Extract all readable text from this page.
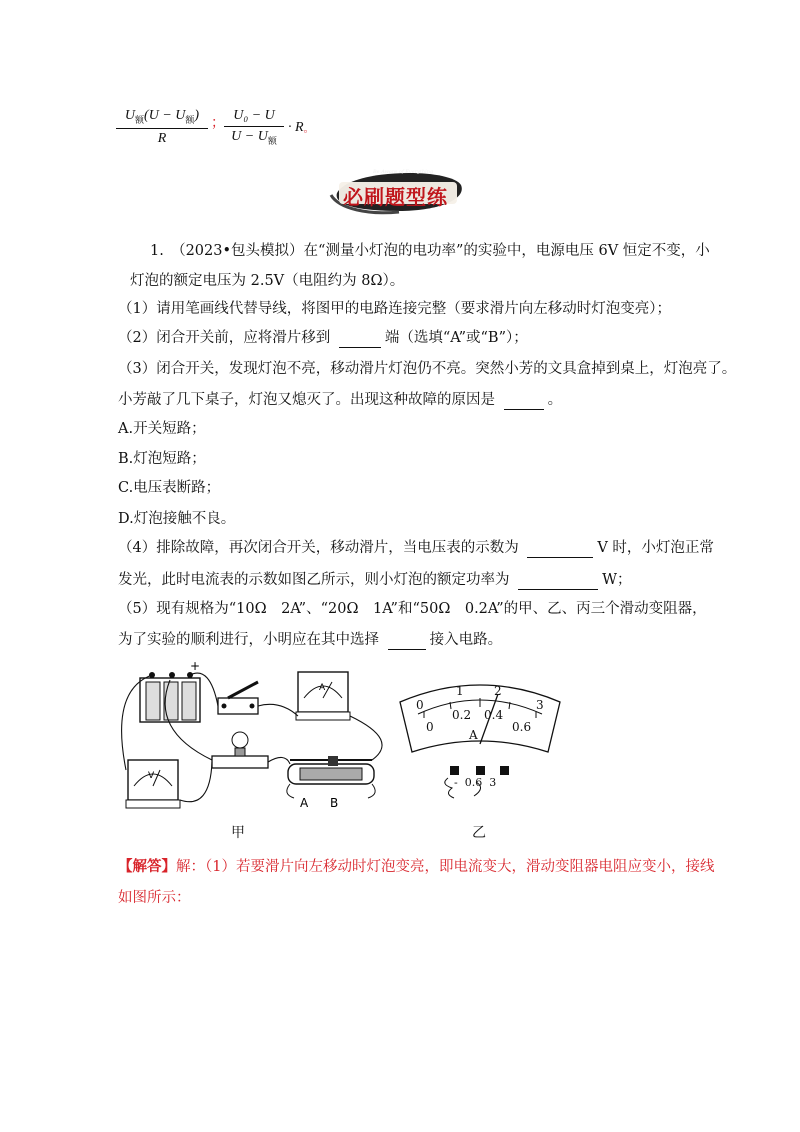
$U_额(U - U_额)$
R
； U₀ − U
$U - U_额$
· R。
Be Aware of Everything
必刷题型练
1.　（2023•包头模拟）在“测量小灯泡的电功率”的实验中，电源电压 6V 恒定不变，小
灯泡的额定电压为 2.5V（电阻约为 8Ω）。
（1）请用笔画线代替导线，将图甲的电路连接完整（要求滑片向左移动时灯泡变亮）；
（2）闭合开关前，应将滑片移到	端（选填“A”或“B”）；
（3）闭合开关，发现灯泡不亮，移动滑片灯泡仍不亮。突然小芳的文具盒掉到桌上，灯泡亮了。
小芳敲了几下桌子，灯泡又熄灭了。出现这种故障的原因是	。
A.开关短路；
B.灯泡短路；
C.电压表断路；
D.灯泡接触不良。
（4）排除故障，再次闭合开关，移动滑片，当电压表的示数为	V 时，小灯泡正常
发光，此时电流表的示数如图乙所示，则小灯泡的额定功率为	W；
（5）现有规格为“10Ω　2A”、“20Ω　1A”和“50Ω　0.2A”的甲、乙、丙三个滑动变阻器，
为了实验的顺利进行，小明应在其中选择	接入电路。
+
A
V
A B
甲
0
1	2
3
0
0.2 0.4
0.6
A
-  0.6  3
乙
【解答】解：（1）若要滑片向左移动时灯泡变亮，即电流变大，滑动变阻器电阻应变小，接线
如图所示：
